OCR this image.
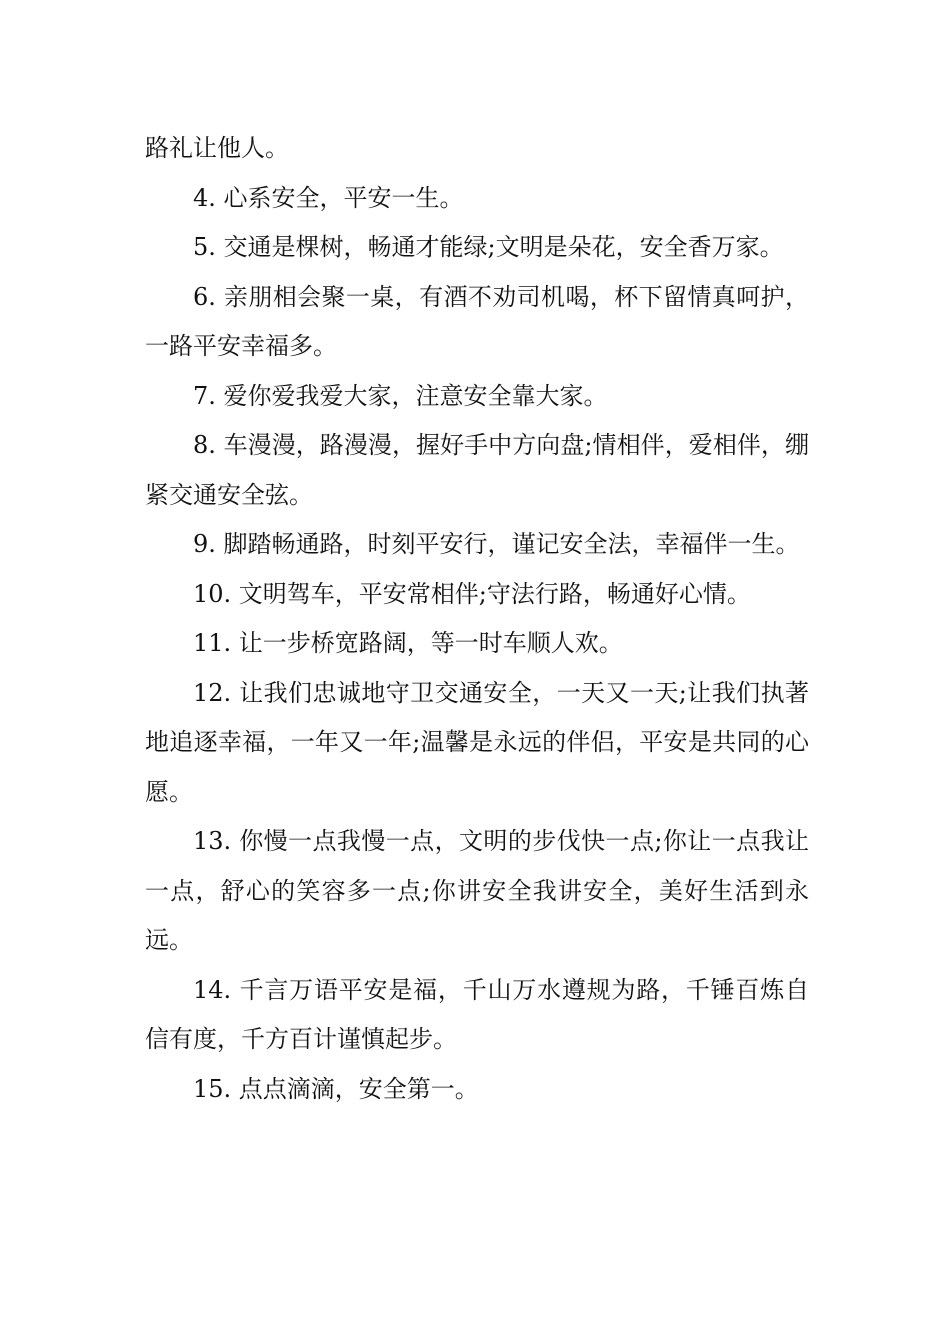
路礼让他人。

4. 心系安全，平安一生。

5. 交通是棵树，畅通才能绿;文明是朵花，安全香万家。

6. 亲朋相会聚一桌，有酒不劝司机喝，杯下留情真呵护，一路平安幸福多。

7. 爱你爱我爱大家，注意安全靠大家。

8. 车漫漫，路漫漫，握好手中方向盘;情相伴，爱相伴，绷紧交通安全弦。

9. 脚踏畅通路，时刻平安行，谨记安全法，幸福伴一生。

10. 文明驾车，平安常相伴;守法行路，畅通好心情。

11. 让一步桥宽路阔，等一时车顺人欢。

12. 让我们忠诚地守卫交通安全，一天又一天;让我们执著地追逐幸福，一年又一年;温馨是永远的伴侣，平安是共同的心愿。

13. 你慢一点我慢一点，文明的步伐快一点;你让一点我让一点，舒心的笑容多一点;你讲安全我讲安全，美好生活到永远。

14. 千言万语平安是福，千山万水遵规为路，千锤百炼自信有度，千方百计谨慎起步。

15. 点点滴滴，安全第一。
